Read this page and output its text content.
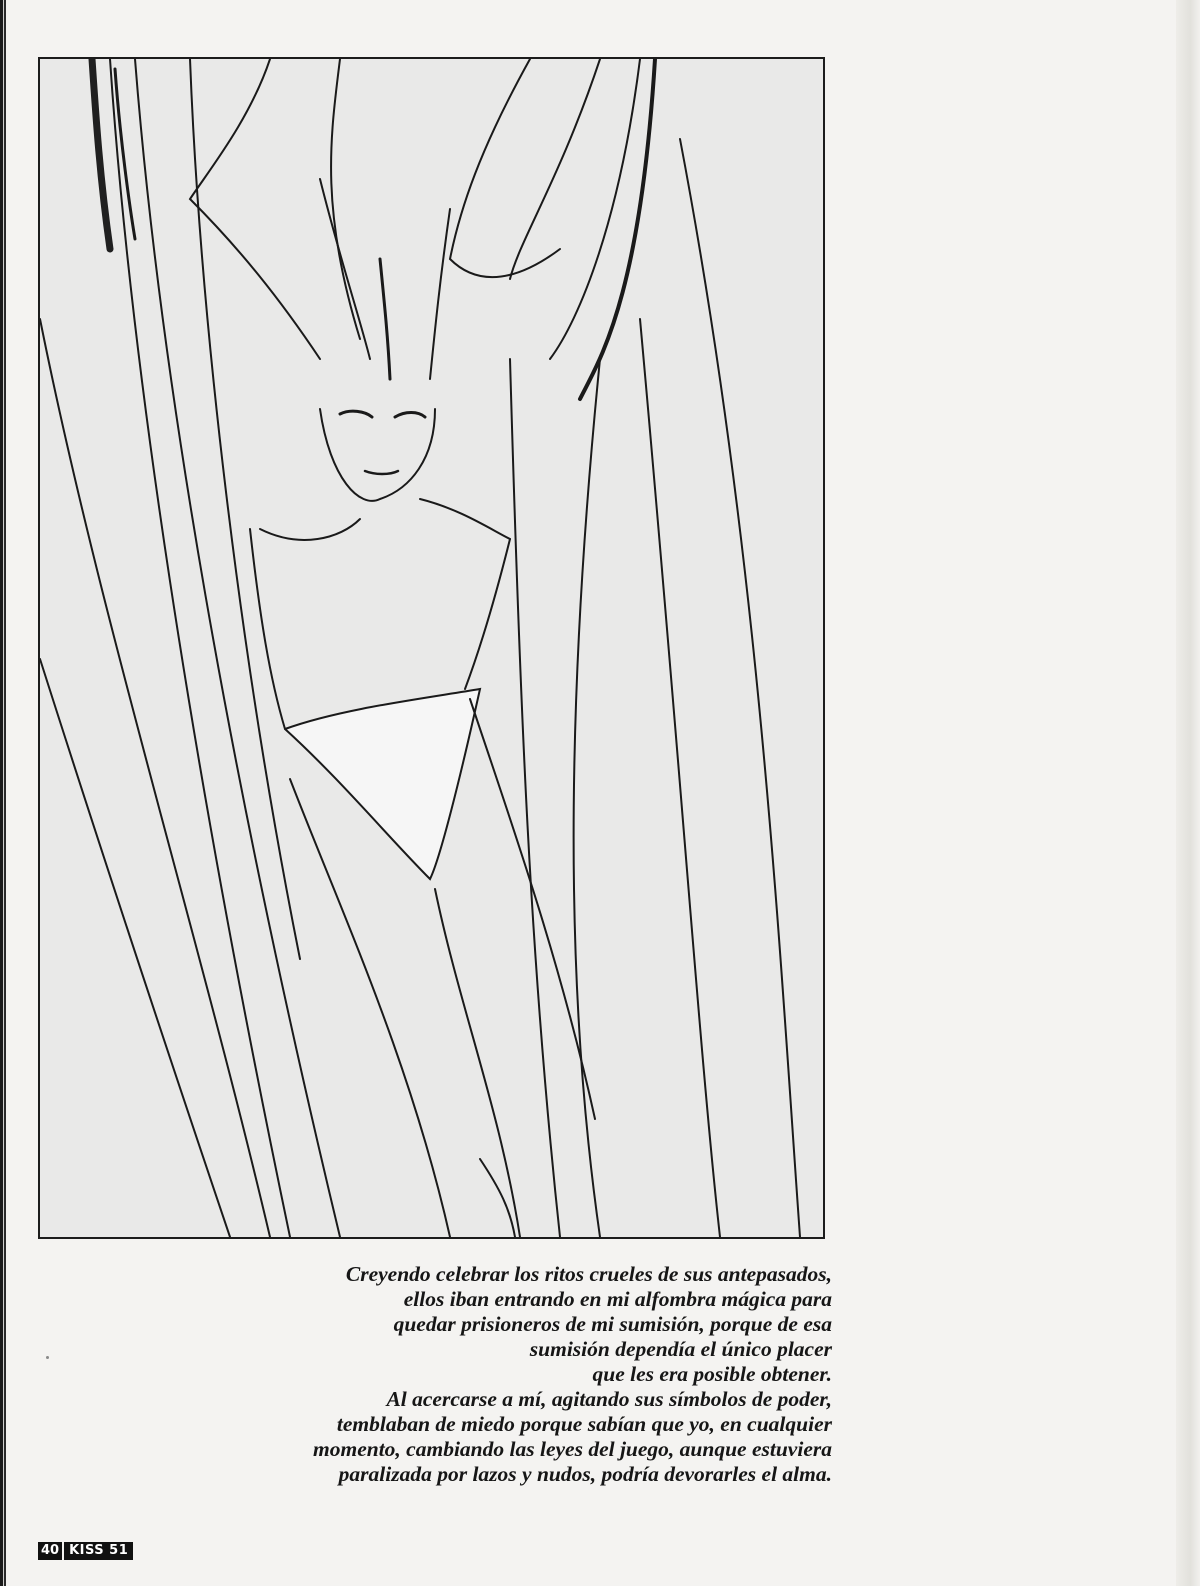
Creyendo celebrar los ritos crueles de sus antepasados,
ellos iban entrando en mi alfombra mágica para
quedar prisioneros de mi sumisión, porque de esa
sumisión dependía el único placer
que les era posible obtener.

Al acercarse a mí, agitando sus símbolos de poder,
temblaban de miedo porque sabían que yo, en cualquier
momento, cambiando las leyes del juego, aunque estuviera
paralizada por lazos y nudos, podría devorarles el alma.

40 KISS 51
